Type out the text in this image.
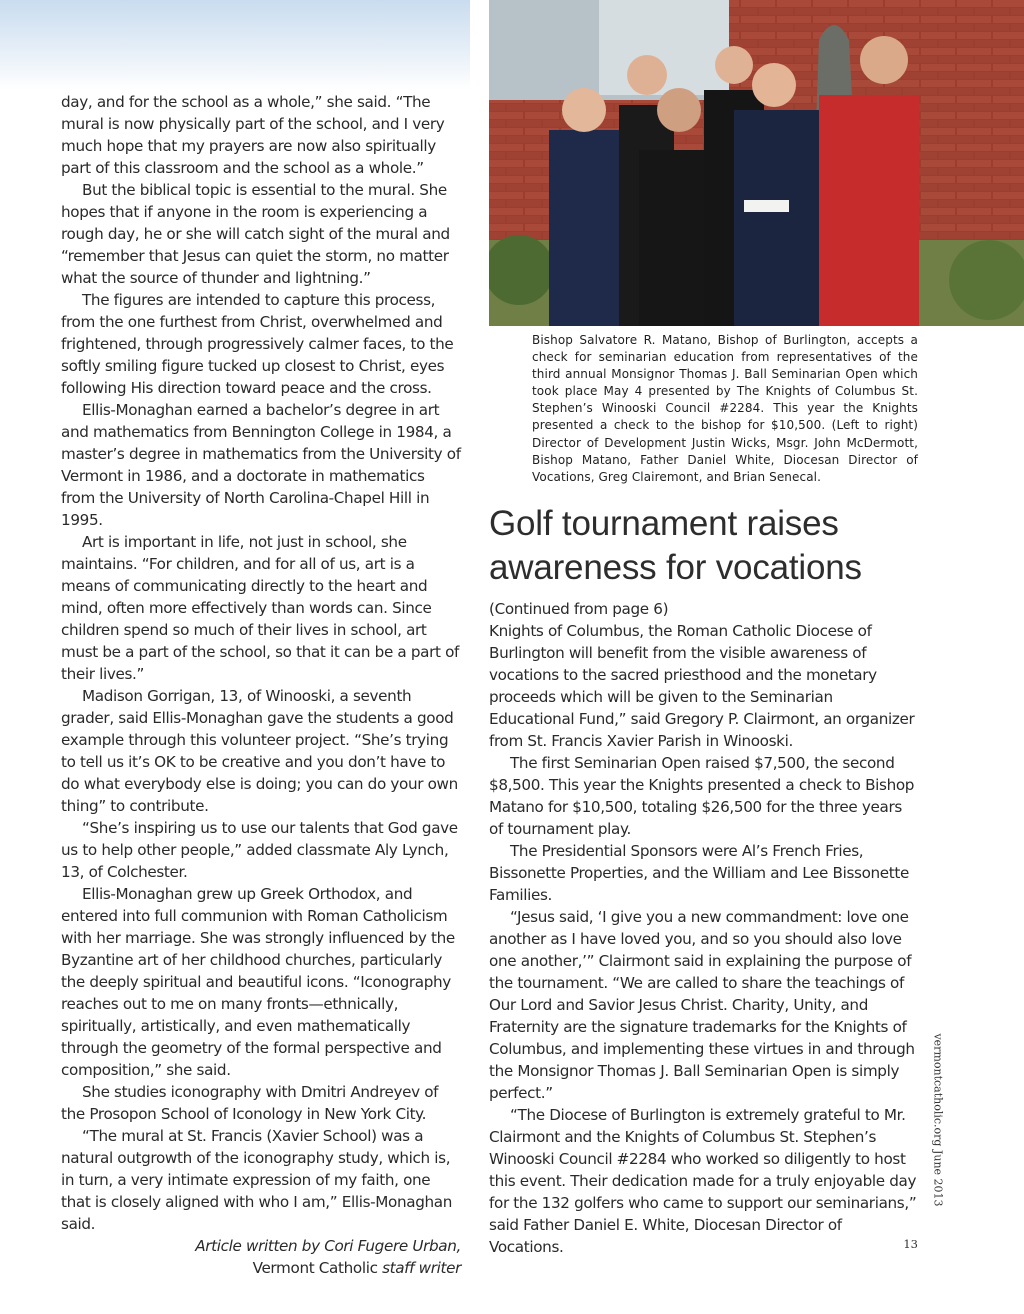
day, and for the school as a whole,” she said. “The mural is now physically part of the school, and I very much hope that my prayers are now also spiritually part of this classroom and the school as a whole.”

But the biblical topic is essential to the mural. She hopes that if anyone in the room is experiencing a rough day, he or she will catch sight of the mural and “remember that Jesus can quiet the storm, no matter what the source of thunder and lightning.”

The figures are intended to capture this process, from the one furthest from Christ, overwhelmed and frightened, through progressively calmer faces, to the softly smiling figure tucked up closest to Christ, eyes following His direction toward peace and the cross.

Ellis-Monaghan earned a bachelor’s degree in art and mathematics from Bennington College in 1984, a master’s degree in mathematics from the University of Vermont in 1986, and a doctorate in mathematics from the University of North Carolina-Chapel Hill in 1995.

Art is important in life, not just in school, she maintains. “For children, and for all of us, art is a means of communicating directly to the heart and mind, often more effectively than words can. Since children spend so much of their lives in school, art must be a part of the school, so that it can be a part of their lives.”

Madison Gorrigan, 13, of Winooski, a seventh grader, said Ellis-Monaghan gave the students a good example through this volunteer project. “She’s trying to tell us it’s OK to be creative and you don’t have to do what everybody else is doing; you can do your own thing” to contribute.

“She’s inspiring us to use our talents that God gave us to help other people,” added classmate Aly Lynch, 13, of Colchester.

Ellis-Monaghan grew up Greek Orthodox, and entered into full communion with Roman Catholicism with her marriage. She was strongly influenced by the Byzantine art of her childhood churches, particularly the deeply spiritual and beautiful icons. “Iconography reaches out to me on many fronts—ethnically, spiritually, artistically, and even mathematically through the geometry of the formal perspective and composition,” she said.

She studies iconography with Dmitri Andreyev of the Prosopon School of Iconology in New York City.

“The mural at St. Francis (Xavier School) was a natural outgrowth of the iconography study, which is, in turn, a very intimate expression of my faith, one that is closely aligned with who I am,” Ellis-Monaghan said.

Article written by Cori Fugere Urban,

Vermont Catholic staff writer

Bishop Salvatore R. Matano, Bishop of Burlington, accepts a check for seminarian education from representatives of the third annual Monsignor Thomas J. Ball Seminarian Open which took place May 4 presented by The Knights of Columbus St. Stephen’s Winooski Council #2284. This year the Knights presented a check to the bishop for $10,500. (Left to right) Director of Development Justin Wicks, Msgr. John McDermott, Bishop Matano, Father Daniel White, Diocesan Director of Vocations, Greg Clairemont, and Brian Senecal.

Golf tournament raises awareness for vocations

(Continued from page 6)

Knights of Columbus, the Roman Catholic Diocese of Burlington will benefit from the visible awareness of vocations to the sacred priesthood and the monetary proceeds which will be given to the Seminarian Educational Fund,” said Gregory P. Clairmont, an organizer from St. Francis Xavier Parish in Winooski.

The first Seminarian Open raised $7,500, the second $8,500. This year the Knights presented a check to Bishop Matano for $10,500, totaling $26,500 for the three years of tournament play.

The Presidential Sponsors were Al’s French Fries, Bissonette Properties, and the William and Lee Bissonette Families.

“Jesus said, ‘I give you a new commandment: love one another as I have loved you, and so you should also love one another,’” Clairmont said in explaining the purpose of the tournament. “We are called to share the teachings of Our Lord and Savior Jesus Christ. Charity, Unity, and Fraternity are the signature trademarks for the Knights of Columbus, and implementing these virtues in and through the Monsignor Thomas J. Ball Seminarian Open is simply perfect.”

“The Diocese of Burlington is extremely grateful to Mr. Clairmont and the Knights of Columbus St. Stephen’s Winooski Council #2284 who worked so diligently to host this event. Their dedication made for a truly enjoyable day for the 132 golfers who came to support our seminarians,” said Father Daniel E. White, Diocesan Director of Vocations.

vermontcatholic.org June 2013
13
